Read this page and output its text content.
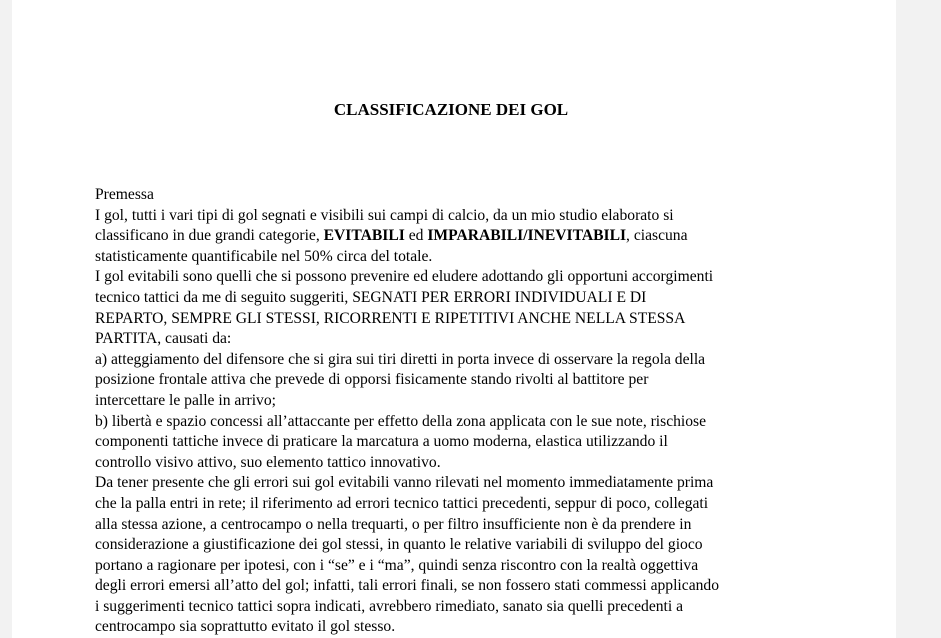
CLASSIFICAZIONE DEI GOL
Premessa
I gol, tutti i vari tipi di gol segnati e visibili sui campi di calcio, da un mio studio elaborato si
classificano in due grandi categorie, EVITABILI ed IMPARABILI/INEVITABILI, ciascuna
statisticamente quantificabile nel 50% circa del totale.
I gol evitabili sono quelli che si possono prevenire ed eludere adottando gli opportuni accorgimenti
tecnico tattici da me di seguito suggeriti, SEGNATI PER ERRORI INDIVIDUALI E DI
REPARTO, SEMPRE GLI STESSI, RICORRENTI E RIPETITIVI ANCHE NELLA STESSA
PARTITA, causati da:
a) atteggiamento del difensore che si gira sui tiri diretti in porta invece di osservare la regola della
posizione frontale attiva che prevede di opporsi fisicamente stando rivolti al battitore per
intercettare le palle in arrivo;
b) libertà e spazio concessi all’attaccante per effetto della zona applicata con le sue note, rischiose
componenti tattiche invece di praticare la marcatura a uomo moderna, elastica utilizzando il
controllo visivo attivo, suo elemento tattico innovativo.
Da tener presente che gli errori sui gol evitabili vanno rilevati nel momento immediatamente prima
che la palla entri in rete; il riferimento ad errori tecnico tattici precedenti, seppur di poco, collegati
alla stessa azione, a centrocampo o nella trequarti, o per filtro insufficiente non è da prendere in
considerazione a giustificazione dei gol stessi, in quanto le relative variabili di sviluppo del gioco
portano a ragionare per ipotesi, con i “se” e i “ma”, quindi senza riscontro con la realtà oggettiva
degli errori emersi all’atto del gol; infatti, tali errori finali, se non fossero stati commessi applicando
i suggerimenti tecnico tattici sopra indicati, avrebbero rimediato, sanato sia quelli precedenti a
centrocampo sia soprattutto evitato il gol stesso.
